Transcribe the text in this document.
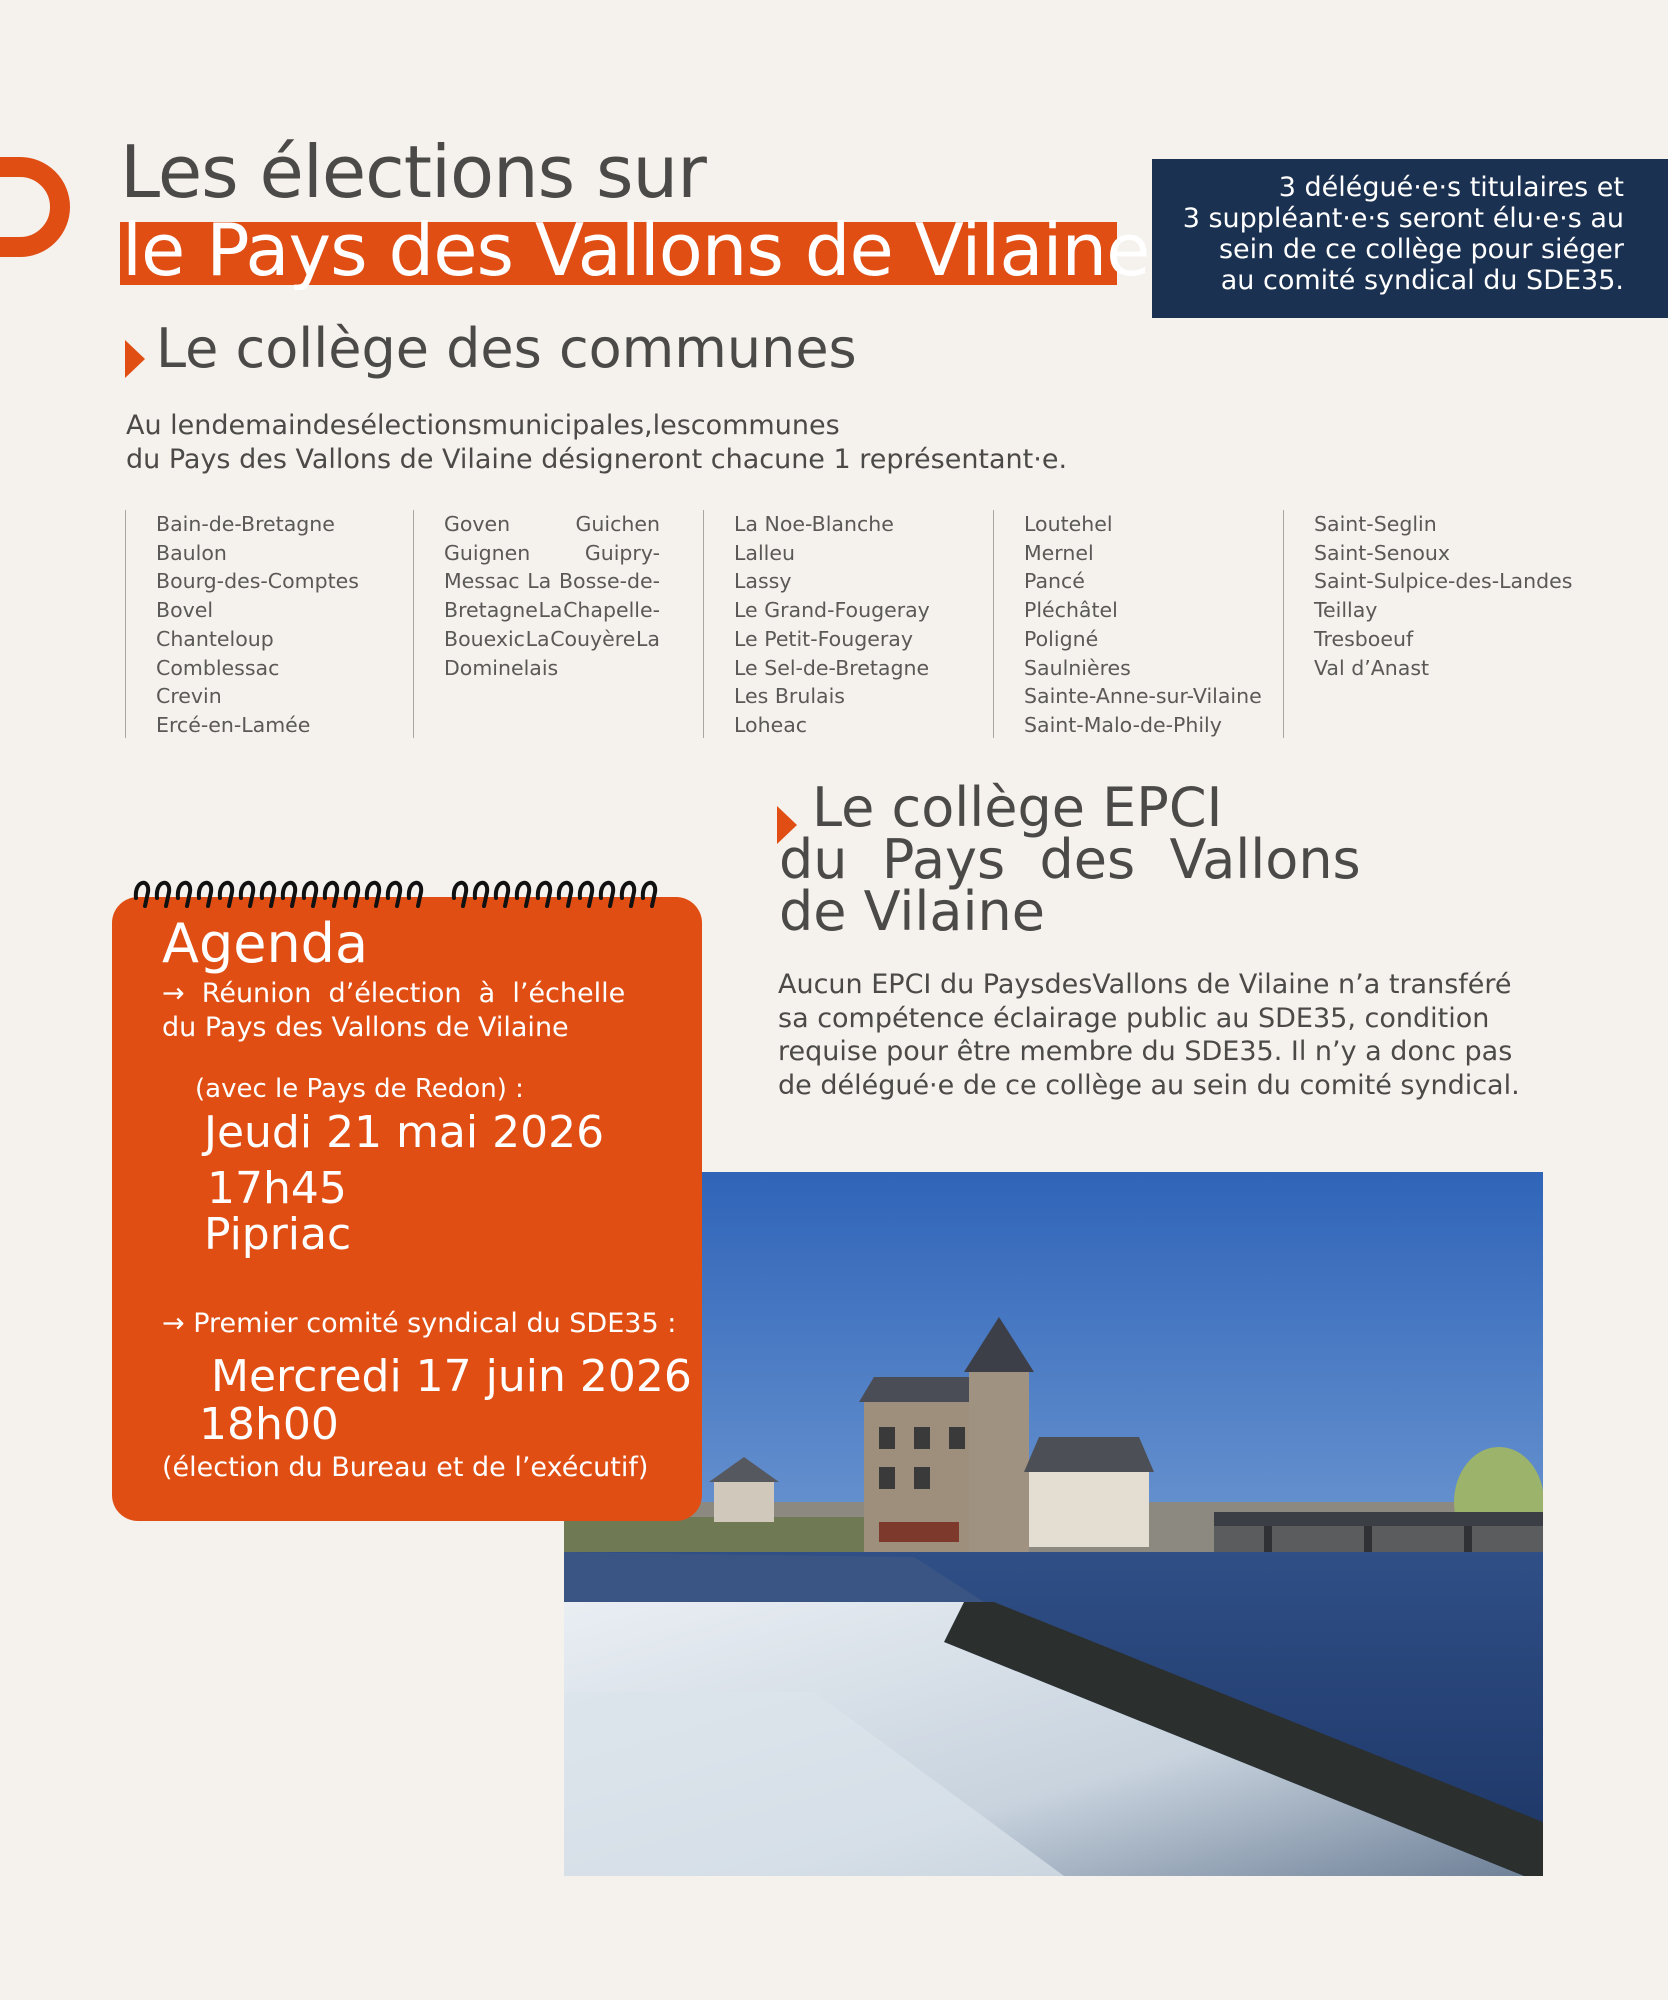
Les élections sur
le Pays des Vallons de Vilaine
3 délégué·e·s titulaires et
3 suppléant·e·s seront élu·e·s au
sein de ce collège pour siéger
au comité syndical du SDE35.
Le collège des communes
Au lendemaindesélectionsmunicipales,lescommunes
du Pays des Vallons de Vilaine désigneront chacune 1 représentant·e.
Bain-de-Bretagne
Baulon
Bourg-des-Comptes
Bovel
Chanteloup
Comblessac
Crevin
Ercé-en-Lamée
Goven	Guichen
Guignen	Guipry-
Messac La Bosse-de-
Bretagne La Chapelle-
Bouexic La Couyère La
Dominelais
La Noe-Blanche
Lalleu
Lassy
Le Grand-Fougeray
Le Petit-Fougeray
Le Sel-de-Bretagne
Les Brulais
Loheac
Loutehel
Mernel
Pancé
Pléchâtel
Poligné
Saulnières
Sainte-Anne-sur-Vilaine
Saint-Malo-de-Phily
Saint-Seglin
Saint-Senoux
Saint-Sulpice-des-Landes
Teillay
Tresboeuf
Val d’Anast
Le collège EPCI
du  Pays  des  Vallons
de Vilaine
Aucun EPCI du PaysdesVallons de Vilaine n’a transféré
sa compétence éclairage public au SDE35, condition
requise pour être membre du SDE35. Il n’y a donc pas
de délégué·e de ce collège au sein du comité syndical.
Agenda
→  Réunion  d’élection  à  l’échelle
du Pays des Vallons de Vilaine
(avec le Pays de Redon) :
Jeudi 21 mai 2026
17h45
Pipriac
→ Premier comité syndical du SDE35 :
Mercredi 17 juin 2026
18h00
(élection du Bureau et de l’exécutif)
